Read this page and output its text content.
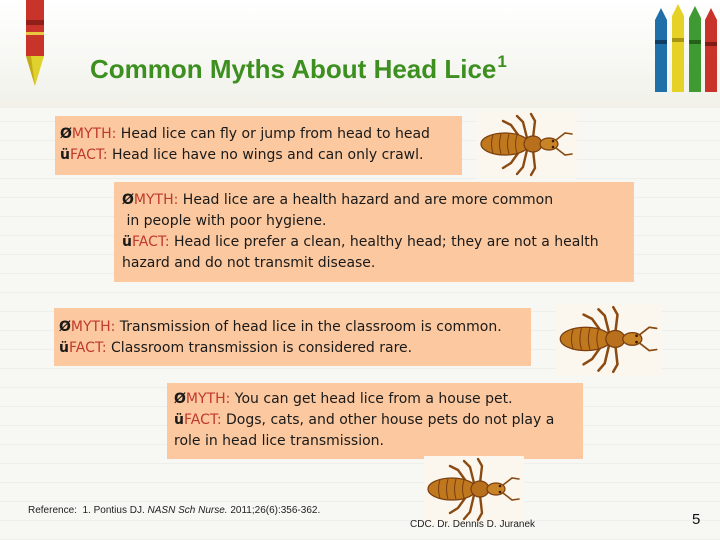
Common Myths About Head Lice$^1$
ØMYTH: Head lice can fly or jump from head to head
üFACT: Head lice have no wings and can only crawl.
ØMYTH: Head lice are a health hazard and are more common
in people with poor hygiene.
üFACT: Head lice prefer a clean, healthy head; they are not a health
hazard and do not transmit disease.
ØMYTH: Transmission of head lice in the classroom is common.
üFACT: Classroom transmission is considered rare.
ØMYTH: You can get head lice from a house pet.
üFACT: Dogs, cats, and other house pets do not play a
role in head lice transmission.
Reference: 1. Pontius DJ. NASN Sch Nurse. 2011;26(6):356-362.
CDC. Dr. Dennis D. Juranek	5
